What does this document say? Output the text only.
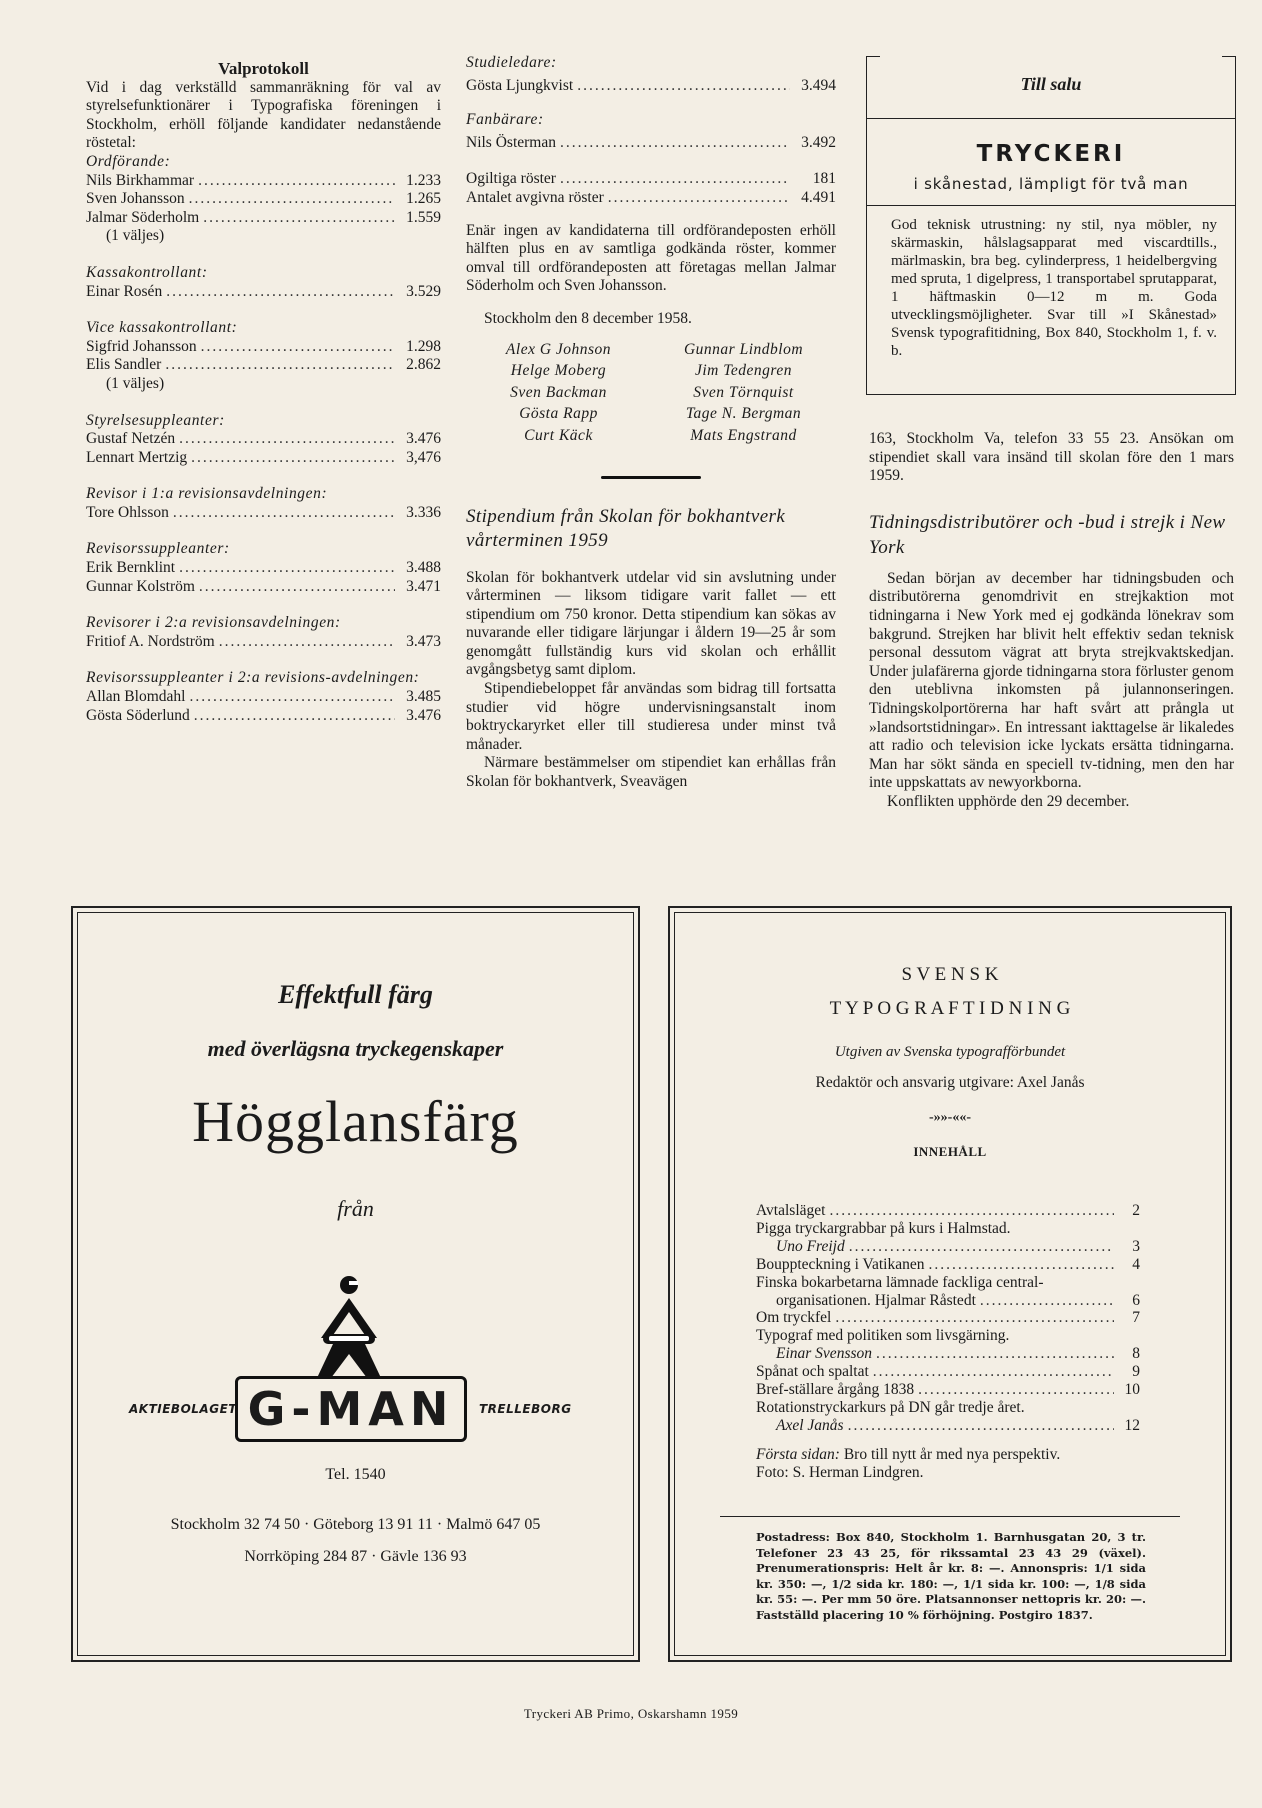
Valprotokoll

Vid i dag verkställd sammanräkning för val av styrelsefunktionärer i Typografiska föreningen i Stockholm, erhöll följande kandidater nedanstående röstetal:

Ordförande:

Nils Birkhammar .....	1.233
Sven Johansson .....	1.265
Jalmar Söderholm .....	1.559

(1 väljes)

Kassakontrollant:

Einar Rosén .....	3.529

Vice kassakontrollant:

Sigfrid Johansson .....	1.298
Elis Sandler .....	2.862

(1 väljes)

Styrelsesuppleanter:

Gustaf Netzén .....	3.476
Lennart Mertzig .....	3,476

Revisor i 1:a revisionsavdelningen:

Tore Ohlsson .....	3.336

Revisorssuppleanter:

Erik Bernklint .....	3.488
Gunnar Kolström .....	3.471

Revisorer i 2:a revisionsavdelningen:

Fritiof A. Nordström .....	3.473

Revisorssuppleanter i 2:a revisions-avdelningen:

Allan Blomdahl .....	3.485
Gösta Söderlund .....	3.476

Studieledare:

Gösta Ljungkvist .....	3.494

Fanbärare:

Nils Österman .....	3.492
Ogiltiga röster .....	181
Antalet avgivna röster .....	4.491

Enär ingen av kandidaterna till ordförandeposten erhöll hälften plus en av samtliga godkända röster, kommer omval till ordförandeposten att företagas mellan Jalmar Söderholm och Sven Johansson.

Stockholm den 8 december 1958.

Alex G Johnson	Gunnar Lindblom
Helge Moberg	Jim Tedengren
Sven Backman	Sven Törnquist
Gösta Rapp	Tage N. Bergman
Curt Käck	Mats Engstrand

Stipendium från Skolan för bokhantverk vårterminen 1959

Skolan för bokhantverk utdelar vid sin avslutning under vårterminen — liksom tidigare varit fallet — ett stipendium om 750 kronor. Detta stipendium kan sökas av nuvarande eller tidigare lärjungar i åldern 19—25 år som genomgått fullständig kurs vid skolan och erhållit avgångsbetyg samt diplom.

Stipendiebeloppet får användas som bidrag till fortsatta studier vid högre undervisningsanstalt inom boktryckaryrket eller till studieresa under minst två månader.

Närmare bestämmelser om stipendiet kan erhållas från Skolan för bokhantverk, Sveavägen

Till salu
TRYCKERI
i skånestad, lämpligt för två man

God teknisk utrustning: ny stil, nya möbler, ny skärmaskin, hålslagsapparat med viscardtills., märlmaskin, bra beg. cylinderpress, 1 heidelbergving med spruta, 1 digelpress, 1 transportabel sprutapparat, 1 häftmaskin 0—12 m m. Goda utvecklingsmöjligheter. Svar till »I Skånestad» Svensk typografitidning, Box 840, Stockholm 1, f. v. b.

163, Stockholm Va, telefon 33 55 23. Ansökan om stipendiet skall vara insänd till skolan före den 1 mars 1959.

Tidningsdistributörer och -bud i strejk i New York

Sedan början av december har tidningsbuden och distributörerna genomdrivit en strejkaktion mot tidningarna i New York med ej godkända lönekrav som bakgrund. Strejken har blivit helt effektiv sedan teknisk personal dessutom vägrat att bryta strejkvaktskedjan. Under julafärerna gjorde tidningarna stora förluster genom den uteblivna inkomsten på julannonseringen. Tidningskolportörerna har haft svårt att prångla ut »landsortstidningar». En intressant iakttagelse är likaledes att radio och television icke lyckats ersätta tidningarna. Man har sökt sända en speciell tv-tidning, men den har inte uppskattats av newyorkborna.

Konflikten upphörde den 29 december.

Effektfull färg
med överlägsna tryckegenskaper
Högglansfärg
från
AKTIEBOLAGET G-MAN TRELLEBORG
Tel. 1540
Stockholm 32 74 50 · Göteborg 13 91 11 · Malmö 647 05
Norrköping 284 87 · Gävle 136 93
S V E N S K
T Y P O G R A F T I D N I N G
Utgiven av Svenska typografförbundet
Redaktör och ansvarig utgivare: Axel Janås
-»»-««-
INNEHÅLL
Avtalsläget .....	2
Pigga tryckargrabbar på kurs i Halmstad.
Uno Freijd .....	3
Bouppteckning i Vatikanen .....	4
Finska bokarbetarna lämnade fackliga central-
organisationen. Hjalmar Råstedt .....	6
Om tryckfel .....	7
Typograf med politiken som livsgärning.
Einar Svensson .....	8
Spånat och spaltat .....	9
Bref-ställare årgång 1838 .....	10
Rotationstryckarkurs på DN går tredje året.
Axel Janås .....	12

Första sidan: Bro till nytt år med nya perspektiv.
Foto: S. Herman Lindgren.

Postadress: Box 840, Stockholm 1. Barnhusgatan 20, 3 tr. Telefoner 23 43 25, för rikssamtal 23 43 29 (växel). Prenumerationspris: Helt år kr. 8: —. Annonspris: 1/1 sida kr. 350: —, 1/2 sida kr. 180: —, 1/1 sida kr. 100: —, 1/8 sida kr. 55: —. Per mm 50 öre. Platsannonser nettopris kr. 20: —. Fastställd placering 10 % förhöjning. Postgiro 1837.

Tryckeri AB Primo, Oskarshamn 1959
